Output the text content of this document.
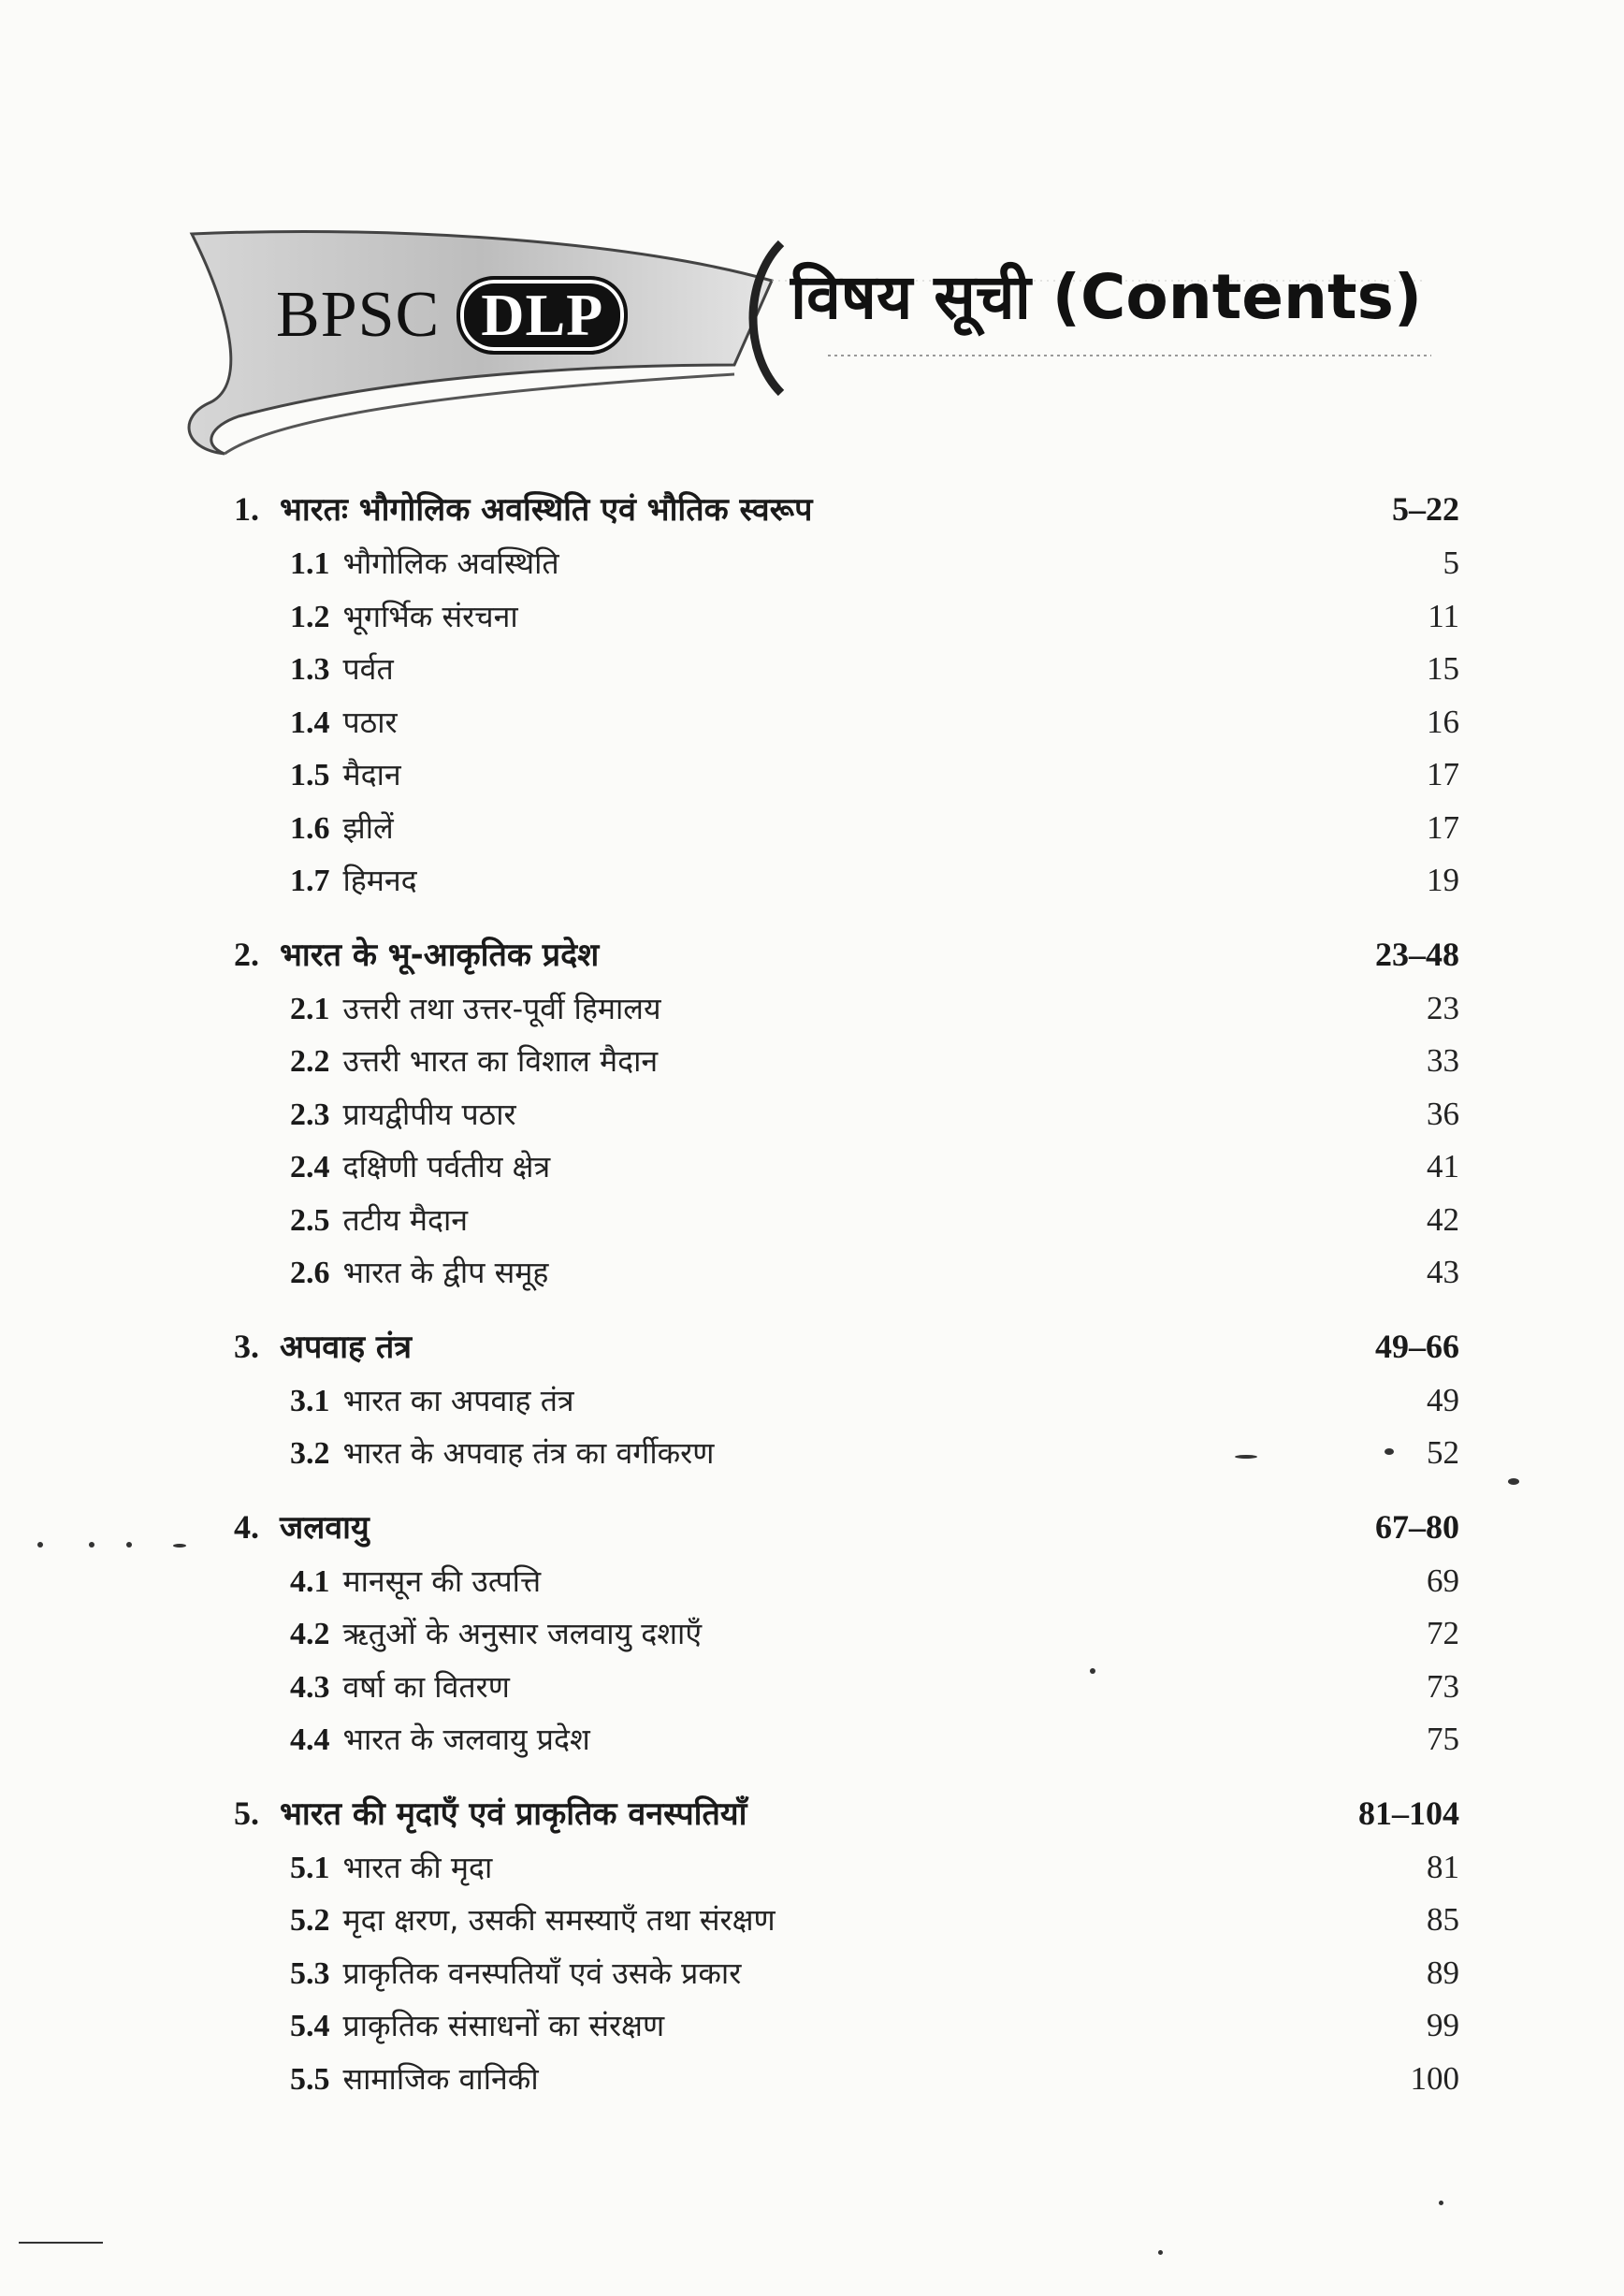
BPSC DLP	विषय सूची (Contents)
1. भारतः भौगोलिक अवस्थिति एवं भौतिक स्वरूप	5–22
1.1 भौगोलिक अवस्थिति	5
1.2 भूगर्भिक संरचना	11
1.3 पर्वत	15
1.4 पठार	16
1.5 मैदान	17
1.6 झीलें	17
1.7 हिमनद	19
2. भारत के भू-आकृतिक प्रदेश	23–48
2.1 उत्तरी तथा उत्तर-पूर्वी हिमालय	23
2.2 उत्तरी भारत का विशाल मैदान	33
2.3 प्रायद्वीपीय पठार	36
2.4 दक्षिणी पर्वतीय क्षेत्र	41
2.5 तटीय मैदान	42
2.6 भारत के द्वीप समूह	43
3. अपवाह तंत्र	49–66
3.1 भारत का अपवाह तंत्र	49
3.2 भारत के अपवाह तंत्र का वर्गीकरण	52
4. जलवायु	67–80
4.1 मानसून की उत्पत्ति	69
4.2 ऋतुओं के अनुसार जलवायु दशाएँ	72
4.3 वर्षा का वितरण	73
4.4 भारत के जलवायु प्रदेश	75
5. भारत की मृदाएँ एवं प्राकृतिक वनस्पतियाँ	81–104
5.1 भारत की मृदा	81
5.2 मृदा क्षरण, उसकी समस्याएँ तथा संरक्षण	85
5.3 प्राकृतिक वनस्पतियाँ एवं उसके प्रकार	89
5.4 प्राकृतिक संसाधनों का संरक्षण	99
5.5 सामाजिक वानिकी	100
